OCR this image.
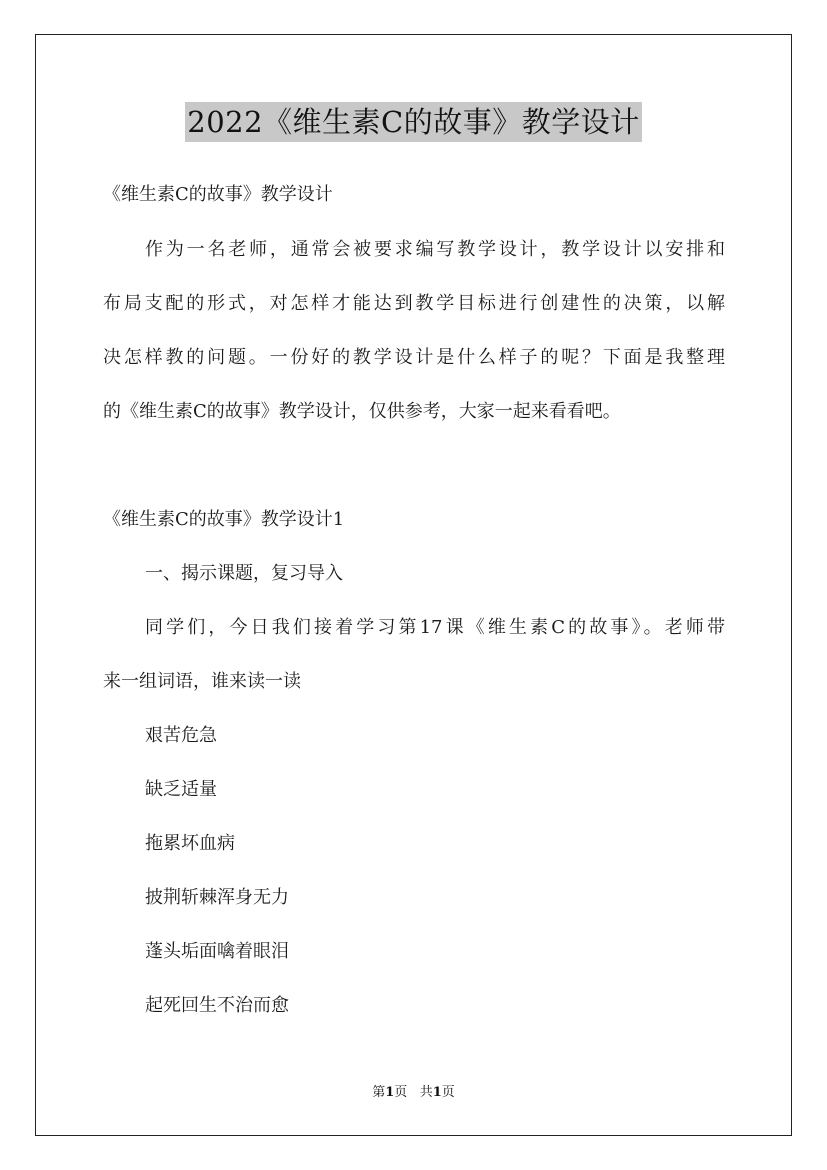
2022《维生素C的故事》教学设计
《维生素C的故事》教学设计
作为一名老师，通常会被要求编写教学设计，教学设计以安排和
布局支配的形式，对怎样才能达到教学目标进行创建性的决策，以解
决怎样教的问题。一份好的教学设计是什么样子的呢？下面是我整理
的《维生素C的故事》教学设计，仅供参考，大家一起来看看吧。
《维生素C的故事》教学设计1
一、揭示课题，复习导入
同学们，今日我们接着学习第17课《维生素C的故事》。老师带
来一组词语，谁来读一读
艰苦危急
缺乏适量
拖累坏血病
披荆斩棘浑身无力
蓬头垢面噙着眼泪
起死回生不治而愈
第1页 共1页
